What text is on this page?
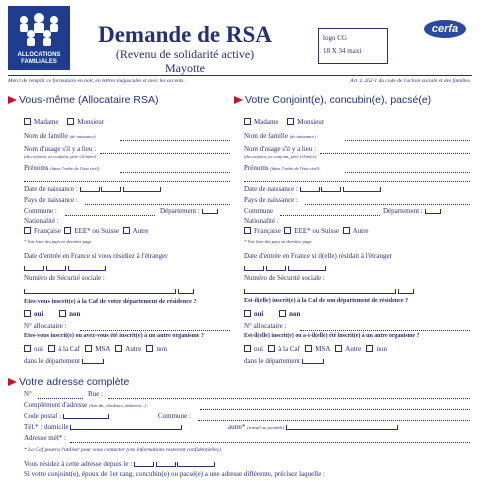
ALLOCATIONS FAMILIALES
Demande de RSA
(Revenu de solidarité active)
Mayotte
logo CG
18 X 34 maxi
cerfa
Merci de remplir ce formulaire en noir, en lettres majuscules et avec les accents.	Art. L 262-1 du code de l'action sociale et des familles
Vous-même (Allocataire RSA)
Madame	Monsieur
Nom de famille (de naissance)
Nom d'usage s'il y a lieu :
(du conjoint, ex conjoint, père s'il/mère)
Prénoms (dans l'ordre de l'état civil):
Date de naissance :
Pays de naissance :
Commune :	Département :
Nationalité :
Française EEE* ou Suisse Autre
* Voir liste des pays en dernière page
Date d'entrée en France si vous résidiez à l'étranger

Numéro de Sécurité sociale :

Etes-vous inscrit(e) à la Caf de votre département de résidence ?
oui	non
N° allocataire :
Etes-vous inscrit(e) ou avez-vous été inscrit(e) à un autre organisme ?
oui à la Caf MSA Autre non
dans le département
Votre Conjoint(e), concubin(e), pacsé(e)
Madame	Monsieur
Nom de famille (de naissance) :
Nom d'usage s'il y a lieu :
(du conjoint, ex-conjoint, père s'il/mère)
Prénoms (dans l'ordre de l'état civil):
Date de naissance :
Pays de naissance :
Commune	Département :
Nationalité :
Française EEE* ou Suisse Autre
* Voir liste des pays en dernière page
Date d'entrée en France si il(elle) résidait à l'étranger

Numéro de Sécurité sociale :

Est-il(elle) inscrit(e) à la Caf de son département de résidence ?
oui	non
N° allocataire :
Est-il(elle) inscrit(e) ou a-t-il(elle) été inscrit(e) à un autre organisme ?
oui à la Caf MSA Autre non
dans le département
Votre adresse complète
N°	Rue :
Complément d'adresse (lieu-dit, résidence, bâtiment...) :
Code postal :	Commune :
Tél.* : domicile	autre* (travail ou portable)
Adresse mél* :
* La Caf pourra l'utiliser pour vous contacter (ces informations resteront confidentielles).
Vous résidez à cette adresse depuis le :
Si votre conjoint(e), époux de 1er rang, concubin(e) ou pacsé(e) a une adresse différente, précisez laquelle :
